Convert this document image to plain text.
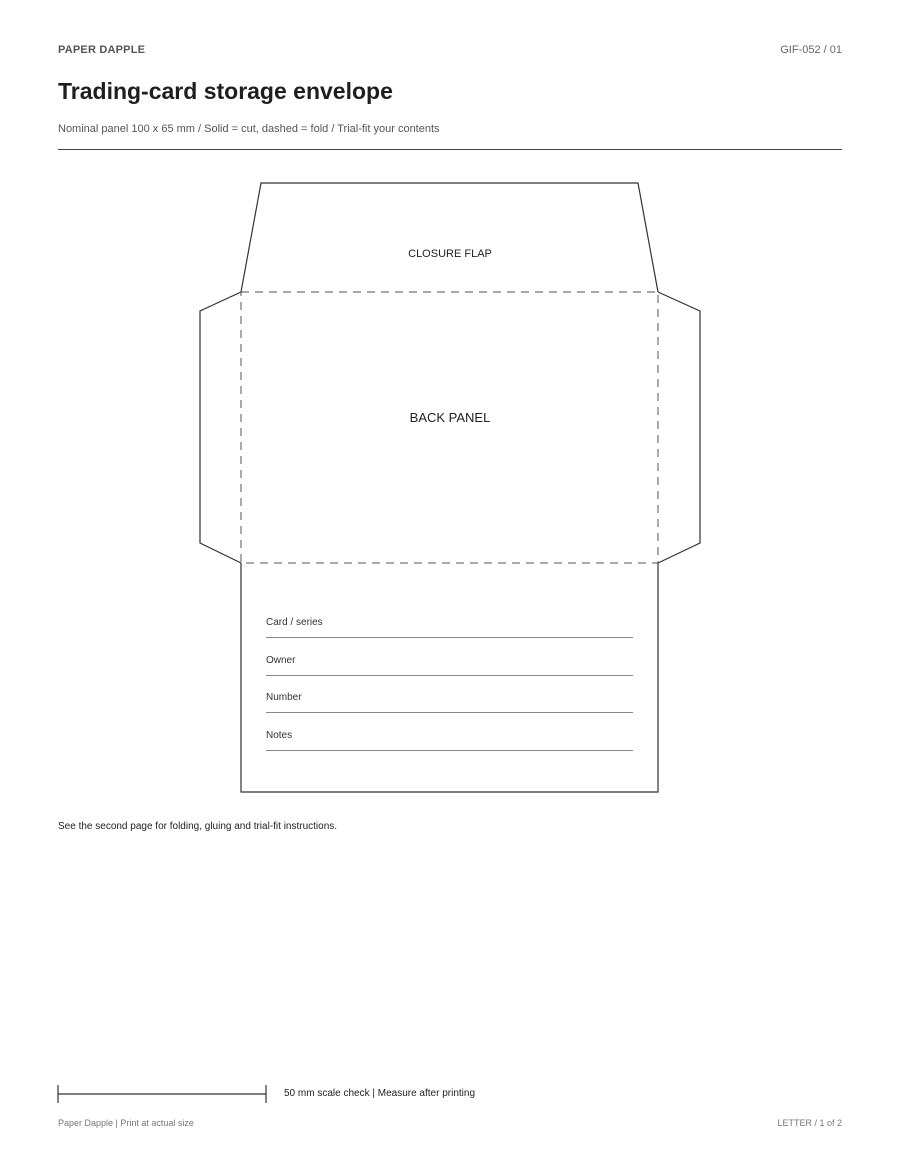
PAPER DAPPLE	GIF-052 / 01
Trading-card storage envelope
Nominal panel 100 x 65 mm / Solid = cut, dashed = fold / Trial-fit your contents
CLOSURE FLAP
BACK PANEL
Card / series
Owner
Number
Notes
See the second page for folding, gluing and trial-fit instructions.
50 mm scale check | Measure after printing
Paper Dapple | Print at actual size	LETTER / 1 of 2
